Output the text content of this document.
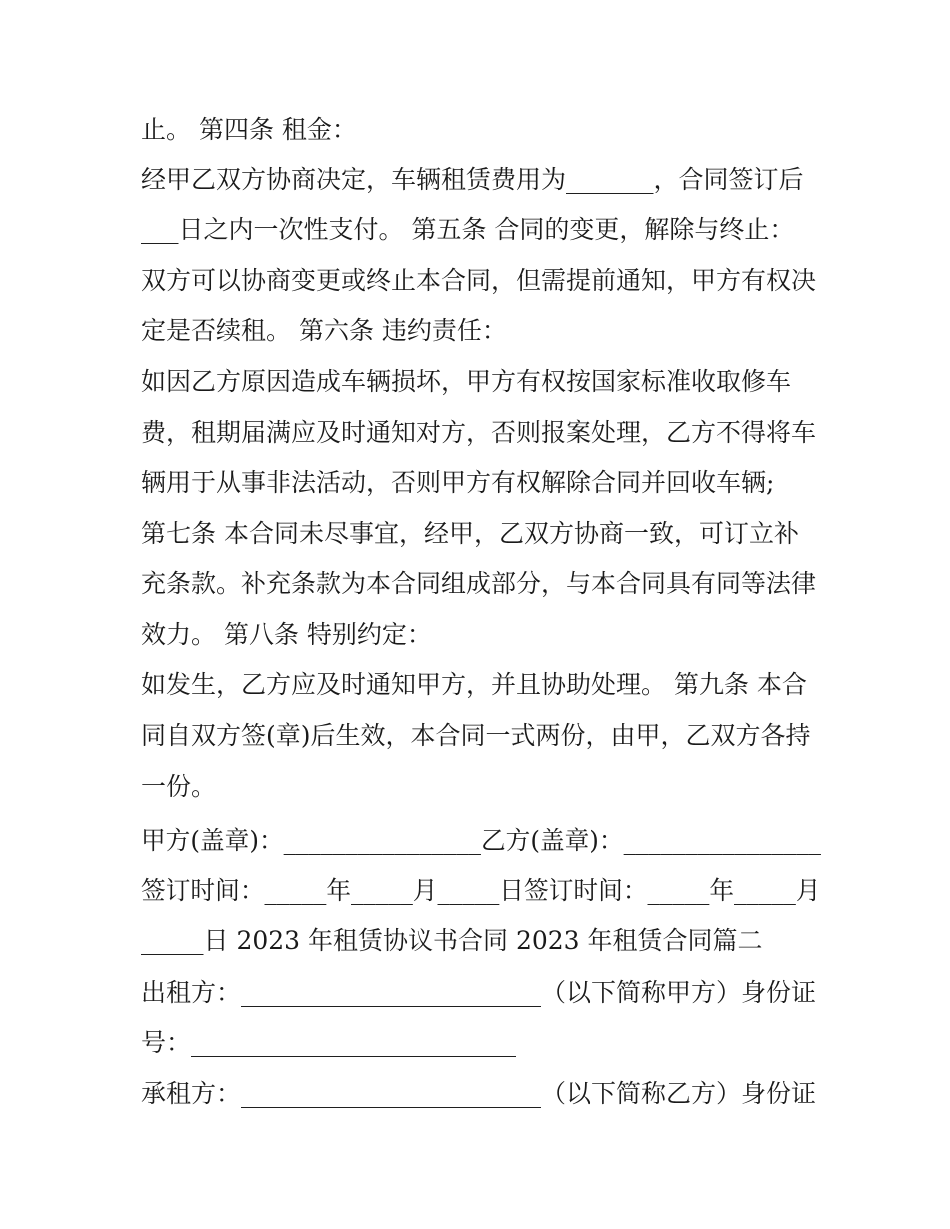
止。 第四条 租金：
经甲乙双方协商决定，车辆租赁费用为_______，合同签订后
___日之内一次性支付。 第五条 合同的变更，解除与终止：
双方可以协商变更或终止本合同，但需提前通知，甲方有权决
定是否续租。 第六条 违约责任：
如因乙方原因造成车辆损坏，甲方有权按国家标准收取修车
费，租期届满应及时通知对方，否则报案处理，乙方不得将车
辆用于从事非法活动，否则甲方有权解除合同并回收车辆;
第七条 本合同未尽事宜，经甲，乙双方协商一致，可订立补
充条款。补充条款为本合同组成部分，与本合同具有同等法律
效力。 第八条 特别约定：
如发生，乙方应及时通知甲方，并且协助处理。 第九条 本合
同自双方签(章)后生效，本合同一式两份，由甲，乙双方各持
一份。
甲方(盖章)：________________乙方(盖章)：________________
签订时间：_____年_____月_____日签订时间：_____年_____月
_____日 2023 年租赁协议书合同 2023 年租赁合同篇二
出租方：________________________（以下简称甲方）身份证
号：__________________________
承租方：________________________（以下简称乙方）身份证
